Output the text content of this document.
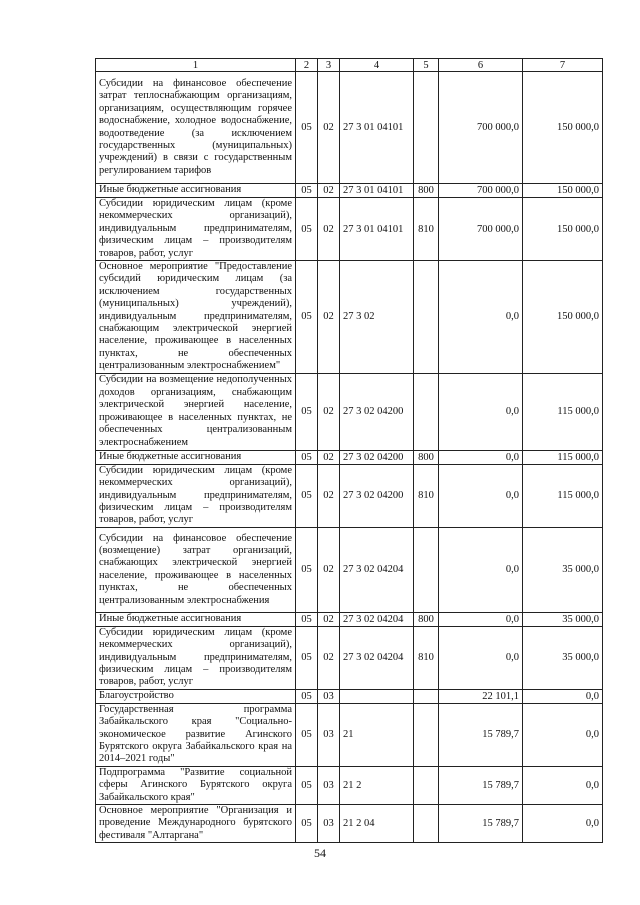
1	2	3	4	5	6	7
Субсидии на финансовое обеспечение затрат теплоснабжающим организациям, организациям, осуществляющим горячее водоснабжение, холодное водоснабжение, водоотведение (за исключением государственных (муниципальных) учреждений) в связи с государственным регулированием тарифов	05	02	27 3 01 04101		700 000,0	150 000,0
Иные бюджетные ассигнования	05	02	27 3 01 04101	800	700 000,0	150 000,0
Субсидии юридическим лицам (кроме некоммерческих организаций), индивидуальным предпринимателям, физическим лицам – производителям товаров, работ, услуг	05	02	27 3 01 04101	810	700 000,0	150 000,0
Основное мероприятие "Предоставление субсидий юридическим лицам (за исключением государственных (муниципальных) учреждений), индивидуальным предпринимателям, снабжающим электрической энергией население, проживающее в населенных пунктах, не обеспеченных централизованным электроснабжением"	05	02	27 3 02		0,0	150 000,0
Субсидии на возмещение недополученных доходов организациям, снабжающим электрической энергией население, проживающее в населенных пунктах, не обеспеченных централизованным электроснабжением	05	02	27 3 02 04200		0,0	115 000,0
Иные бюджетные ассигнования	05	02	27 3 02 04200	800	0,0	115 000,0
Субсидии юридическим лицам (кроме некоммерческих организаций), индивидуальным предпринимателям, физическим лицам – производителям товаров, работ, услуг	05	02	27 3 02 04200	810	0,0	115 000,0
Субсидии на финансовое обеспечение (возмещение) затрат организаций, снабжающих электрической энергией население, проживающее в населенных пунктах, не обеспеченных централизованным электроснабжения	05	02	27 3 02 04204		0,0	35 000,0
Иные бюджетные ассигнования	05	02	27 3 02 04204	800	0,0	35 000,0
Субсидии юридическим лицам (кроме некоммерческих организаций), индивидуальным предпринимателям, физическим лицам – производителям товаров, работ, услуг	05	02	27 3 02 04204	810	0,0	35 000,0
Благоустройство	05	03			22 101,1	0,0
Государственная программа Забайкальского края "Социально-экономическое развитие Агинского Бурятского округа Забайкальского края на 2014–2021 годы"	05	03	21		15 789,7	0,0
Подпрограмма "Развитие социальной сферы Агинского Бурятского округа Забайкальского края"	05	03	21 2		15 789,7	0,0
Основное мероприятие "Организация и проведение Международного бурятского фестиваля "Алтаргана"	05	03	21 2 04		15 789,7	0,0
54
